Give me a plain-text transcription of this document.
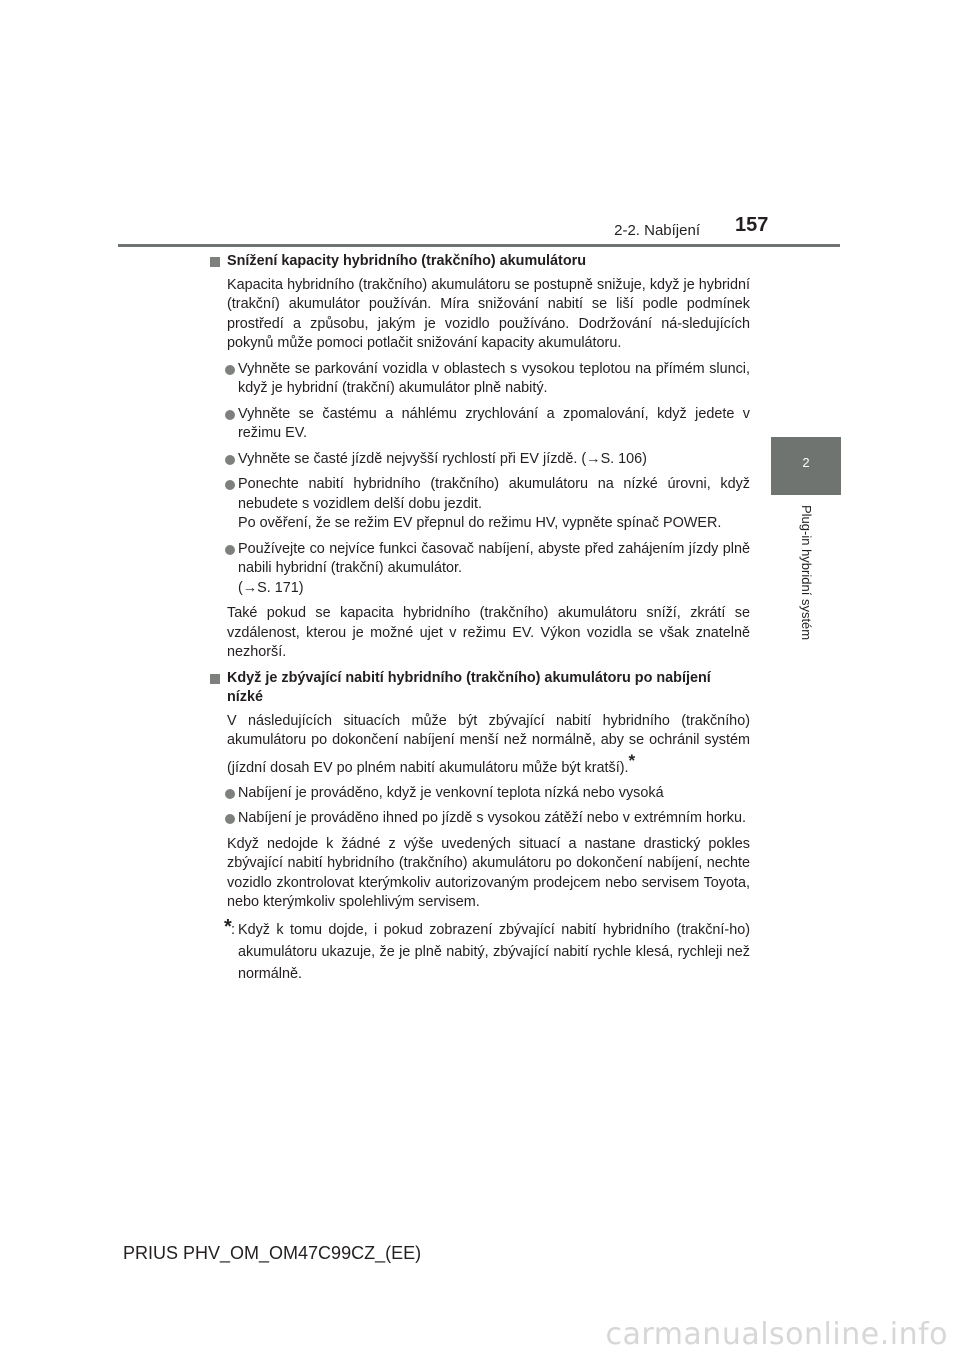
2-2. Nabíjení 157
2
Plug-in hybridní systém
Snížení kapacity hybridního (trakčního) akumulátoru

Kapacita hybridního (trakčního) akumulátoru se postupně snižuje, když je hybridní (trakční) akumulátor používán. Míra snižování nabití se liší podle podmínek prostředí a způsobu, jakým je vozidlo používáno. Dodržování ná-sledujících pokynů může pomoci potlačit snižování kapacity akumulátoru.

Vyhněte se parkování vozidla v oblastech s vysokou teplotou na přímém slunci, když je hybridní (trakční) akumulátor plně nabitý.
Vyhněte se častému a náhlému zrychlování a zpomalování, když jedete v režimu EV.
Vyhněte se časté jízdě nejvyšší rychlostí při EV jízdě. (→S. 106)
Ponechte nabití hybridního (trakčního) akumulátoru na nízké úrovni, když nebudete s vozidlem delší dobu jezdit.
Po ověření, že se režim EV přepnul do režimu HV, vypněte spínač POWER.
Používejte co nejvíce funkci časovač nabíjení, abyste před zahájením jízdy plně nabili hybridní (trakční) akumulátor.
(→S. 171)

Také pokud se kapacita hybridního (trakčního) akumulátoru sníží, zkrátí se vzdálenost, kterou je možné ujet v režimu EV. Výkon vozidla se však znatelně nezhorší.

Když je zbývající nabití hybridního (trakčního) akumulátoru po nabíjení nízké

V následujících situacích může být zbývající nabití hybridního (trakčního) akumulátoru po dokončení nabíjení menší než normálně, aby se ochránil systém (jízdní dosah EV po plném nabití akumulátoru může být kratší).*

Nabíjení je prováděno, když je venkovní teplota nízká nebo vysoká
Nabíjení je prováděno ihned po jízdě s vysokou zátěží nebo v extrémním horku.

Když nedojde k žádné z výše uvedených situací a nastane drastický pokles zbývající nabití hybridního (trakčního) akumulátoru po dokončení nabíjení, nechte vozidlo zkontrolovat kterýmkoliv autorizovaným prodejcem nebo servisem Toyota, nebo kterýmkoliv spolehlivým servisem.

* : Když k tomu dojde, i pokud zobrazení zbývající nabití hybridního (trakční-ho) akumulátoru ukazuje, že je plně nabitý, zbývající nabití rychle klesá, rychleji než normálně.
PRIUS PHV_OM_OM47C99CZ_(EE)
carmanualsonline.info
